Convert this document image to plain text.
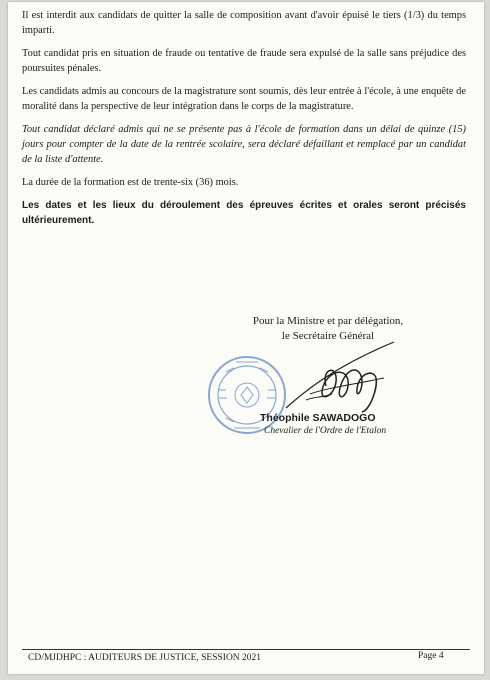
Il est interdit aux candidats de quitter la salle de composition avant d'avoir épuisé le tiers (1/3) du temps imparti.

Tout candidat pris en situation de fraude ou tentative de fraude sera expulsé de la salle sans préjudice des poursuites pénales.

Les candidats admis au concours de la magistrature sont soumis, dès leur entrée à l'école, à une enquête de moralité dans la perspective de leur intégration dans le corps de la magistrature.

Tout candidat déclaré admis qui ne se présente pas à l'école de formation dans un délai de quinze (15) jours pour compter de la date de la rentrée scolaire, sera déclaré défaillant et remplacé par un candidat de la liste d'attente.

La durée de la formation est de trente-six (36) mois.

Les dates et les lieux du déroulement des épreuves écrites et orales seront précisés ultérieurement.

Pour la Ministre et par délégation,
le Secrétaire Général
Théophile SAWADOGO
Chevalier de l'Ordre de l'Etalon
CD/MJDHPC : AUDITEURS DE JUSTICE, SESSION 2021	Page 4
